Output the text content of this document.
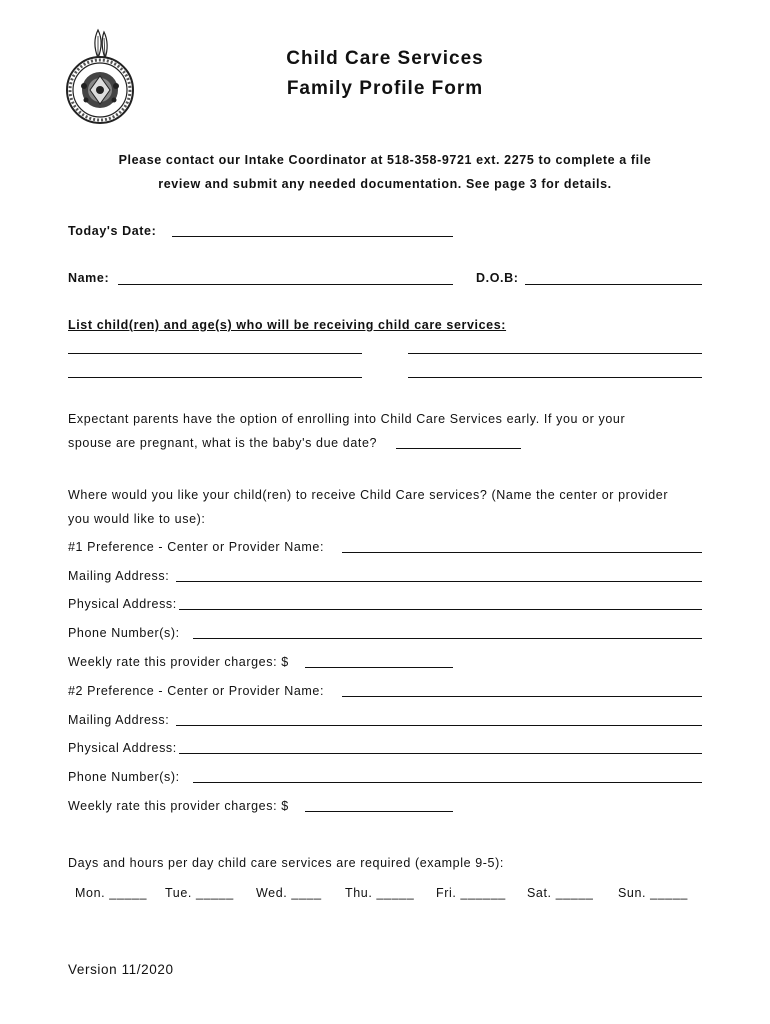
Child Care Services
Family Profile Form
Please contact our Intake Coordinator at 518-358-9721 ext. 2275 to complete a file
review and submit any needed documentation. See page 3 for details.
Today's Date:
Name:	D.O.B:
List child(ren) and age(s) who will be receiving child care services:
Expectant parents have the option of enrolling into Child Care Services early. If you or your
spouse are pregnant, what is the baby's due date?
Where would you like your child(ren) to receive Child Care services? (Name the center or provider
you would like to use):
#1 Preference - Center or Provider Name:
Mailing Address:
Physical Address:
Phone Number(s):
Weekly rate this provider charges: $
#2 Preference - Center or Provider Name:
Mailing Address:
Physical Address:
Phone Number(s):
Weekly rate this provider charges: $
Days and hours per day child care services are required (example 9-5):
Mon. _____ Tue. _____ Wed. ____ Thu. _____ Fri. ______ Sat. _____ Sun. _____
Version 11/2020
